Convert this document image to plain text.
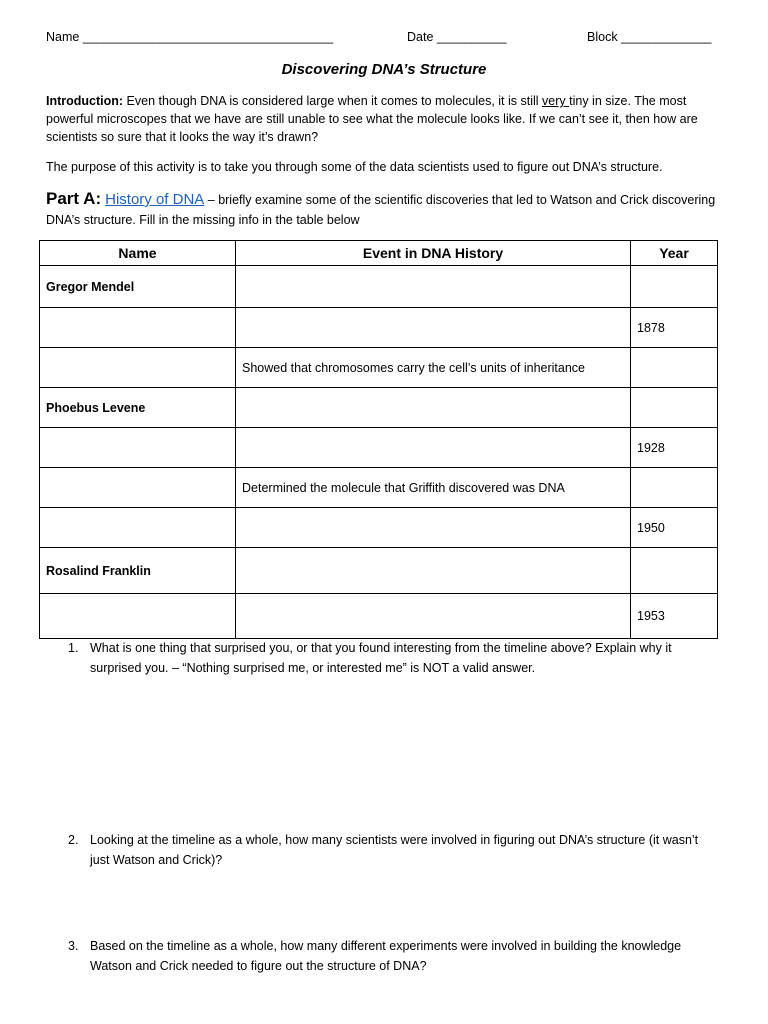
Name ____________________________________	Date __________	Block _____________
Discovering DNA’s Structure
Introduction: Even though DNA is considered large when it comes to molecules, it is still very tiny in size. The most powerful microscopes that we have are still unable to see what the molecule looks like. If we can’t see it, then how are scientists so sure that it looks the way it’s drawn?
The purpose of this activity is to take you through some of the data scientists used to figure out DNA’s structure.
Part A: History of DNA – briefly examine some of the scientific discoveries that led to Watson and Crick discovering DNA’s structure. Fill in the missing info in the table below
Name	Event in DNA History	Year
Gregor Mendel		
		1878
	Showed that chromosomes carry the cell’s units of inheritance	
Phoebus Levene		
		1928
	Determined the molecule that Griffith discovered was DNA	
		1950
Rosalind Franklin		
		1953
1. What is one thing that surprised you, or that you found interesting from the timeline above? Explain why it surprised you. – “Nothing surprised me, or interested me” is NOT a valid answer.
2. Looking at the timeline as a whole, how many scientists were involved in figuring out DNA’s structure (it wasn’t just Watson and Crick)?
3. Based on the timeline as a whole, how many different experiments were involved in building the knowledge Watson and Crick needed to figure out the structure of DNA?
